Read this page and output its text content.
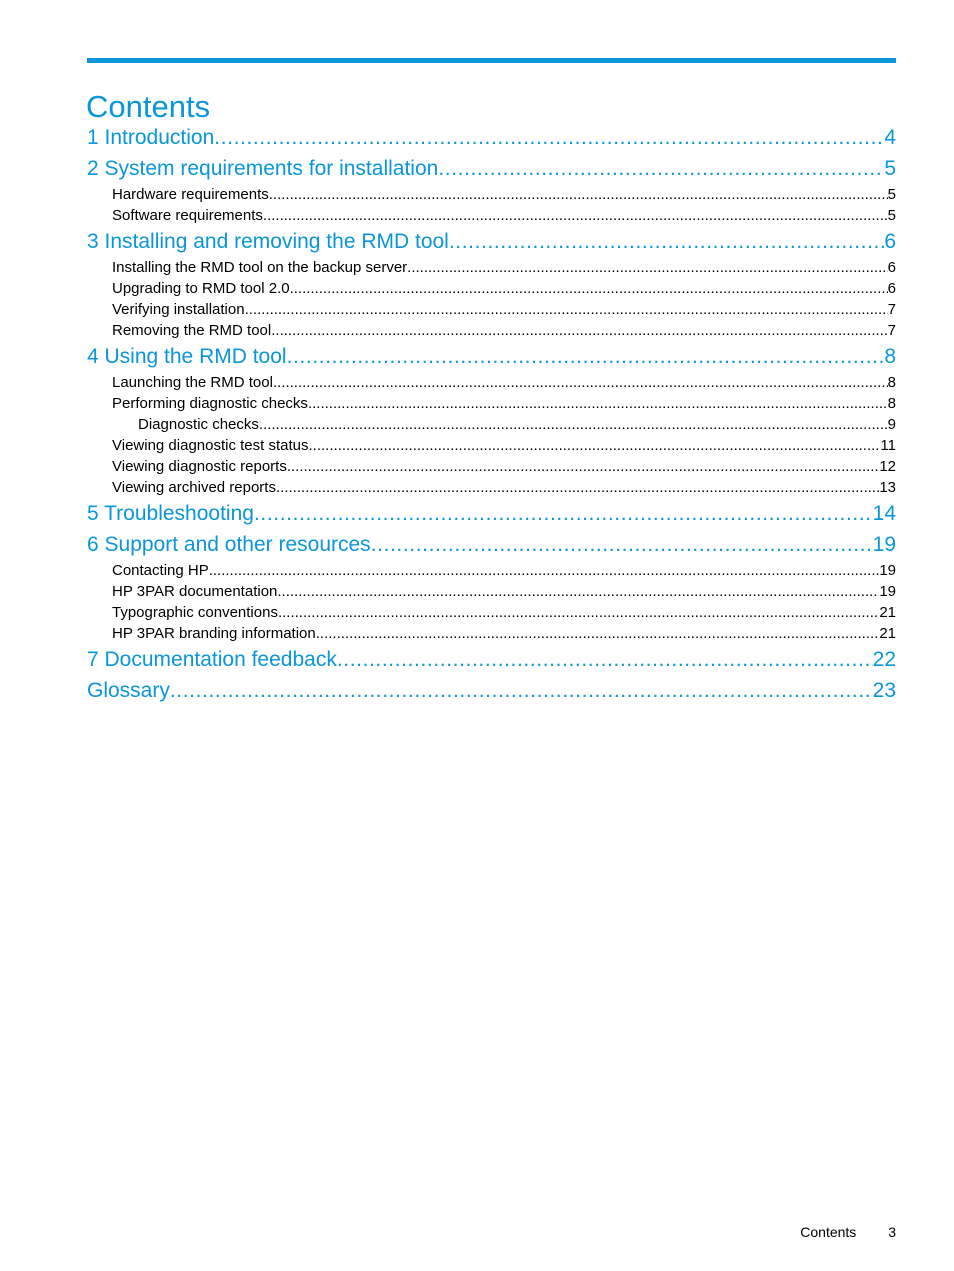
Contents
1 Introduction .....	4
2 System requirements for installation .....	5
Hardware requirements .....	5
Software requirements .....	5
3 Installing and removing the RMD tool .....	6
Installing the RMD tool on the backup server .....	6
Upgrading to RMD tool 2.0 .....	6
Verifying installation .....	7
Removing the RMD tool .....	7
4 Using the RMD tool .....	8
Launching the RMD tool .....	8
Performing diagnostic checks .....	8
Diagnostic checks .....	9
Viewing diagnostic test status .....	11
Viewing diagnostic reports .....	12
Viewing archived reports .....	13
5 Troubleshooting .....	14
6 Support and other resources .....	19
Contacting HP .....	19
HP 3PAR documentation .....	19
Typographic conventions .....	21
HP 3PAR branding information .....	21
7 Documentation feedback .....	22
Glossary .....	23
Contents 3
